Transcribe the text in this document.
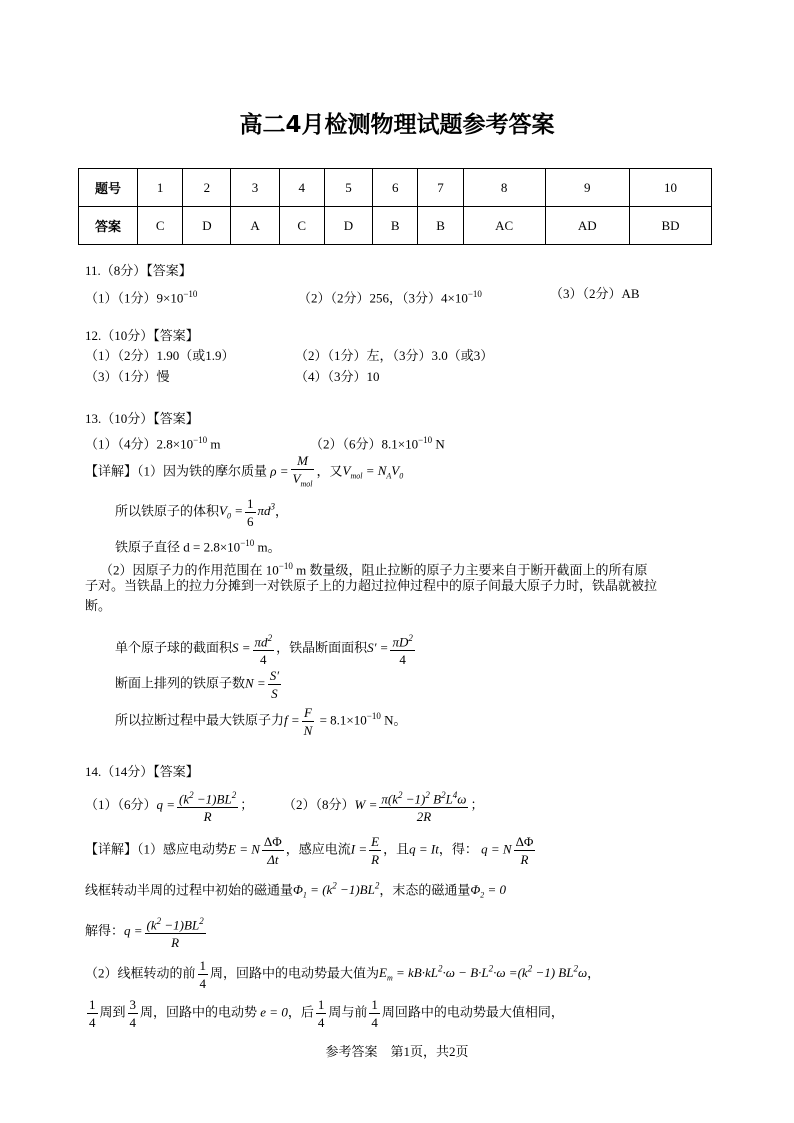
高二4月检测物理试题参考答案
题号	1	2	3	4	5	6	7	8	9	10
答案	C	D	A	C	D	B	B	AC	AD	BD
11.（8分）【答案】
（1）（1分）$9\times 10^{-10}$	（2）（2分）256，（3分）$4\times 10^{-10}$	（3）（2分）AB
12.（10分）【答案】
（1）（2分）1.90（或1.9）	（2）（1分）左，（3分）3.0（或3）
（3）（1分）慢	（4）（3分）10
13.（10分）【答案】
（1）（4分）$2.8\times 10^{-10}$ m	（2）（6分）$8.1\times 10^{-10}$ N
【详解】（1）因为铁的摩尔质量 ρ =
M
$V_{mol}$
，又$V_{mol} = N_AV_0$
所以铁原子的体积$V_0 = \frac{1}{6} \pi d^3$，
铁原子直径 $d = 2.8\times 10^{-10}$ m。
（2）因原子力的作用范围在 $10^{-10}$ m 数量级，阻止拉断的原子力主要来自于断开截面上的所有原
子对。当铁晶上的拉力分摊到一对铁原子上的力超过拉伸过程中的原子间最大原子力时，铁晶就被拉
断。
单个原子球的截面积$S = \frac{\pi d^2}{4}$ ，铁晶断面面积$S' = \frac{\pi D^2}{4}$
断面上排列的铁原子数$N = \frac{S'}{S}$
所以拉断过程中最大铁原子力$f = \frac{F}{N} = 8.1\times 10^{-10}$ N。
14.（14分）【答案】
（1）（6分）$q = \frac{(k^2 -1)BL^2}{R}$ ； （2）（8分）$W = \frac{\pi(k^2 -1)^2 B^2L^4\omega}{2R}$ ；
【详解】（1）感应电动势E = N $\frac{\Delta\Phi}{\Delta t}$ ，感应电流$I = \frac{E}{R}$ ，且q = It，得： q = N $\frac{\Delta\Phi}{R}$
线框转动半周的过程中初始的磁通量$\Phi_1 = (k^2 -1)BL^2$，末态的磁通量$\Phi_2 = 0$
解得：$q = \frac{(k^2 -1)BL^2}{R}$
（2）线框转动的前 $\frac{1}{4}$ 周，回路中的电动势最大值为$E_m = kB\cdot kL^2\cdot\omega - B\cdot L^2\cdot\omega =(k^2 -1)$ $BL^2\omega$，
$\frac{1}{4}$ 周到 $\frac{3}{4}$ 周，回路中的电动势 e = 0，后 $\frac{1}{4}$ 周与前 $\frac{1}{4}$ 周回路中的电动势最大值相同，
参考答案　第1页，共2页
